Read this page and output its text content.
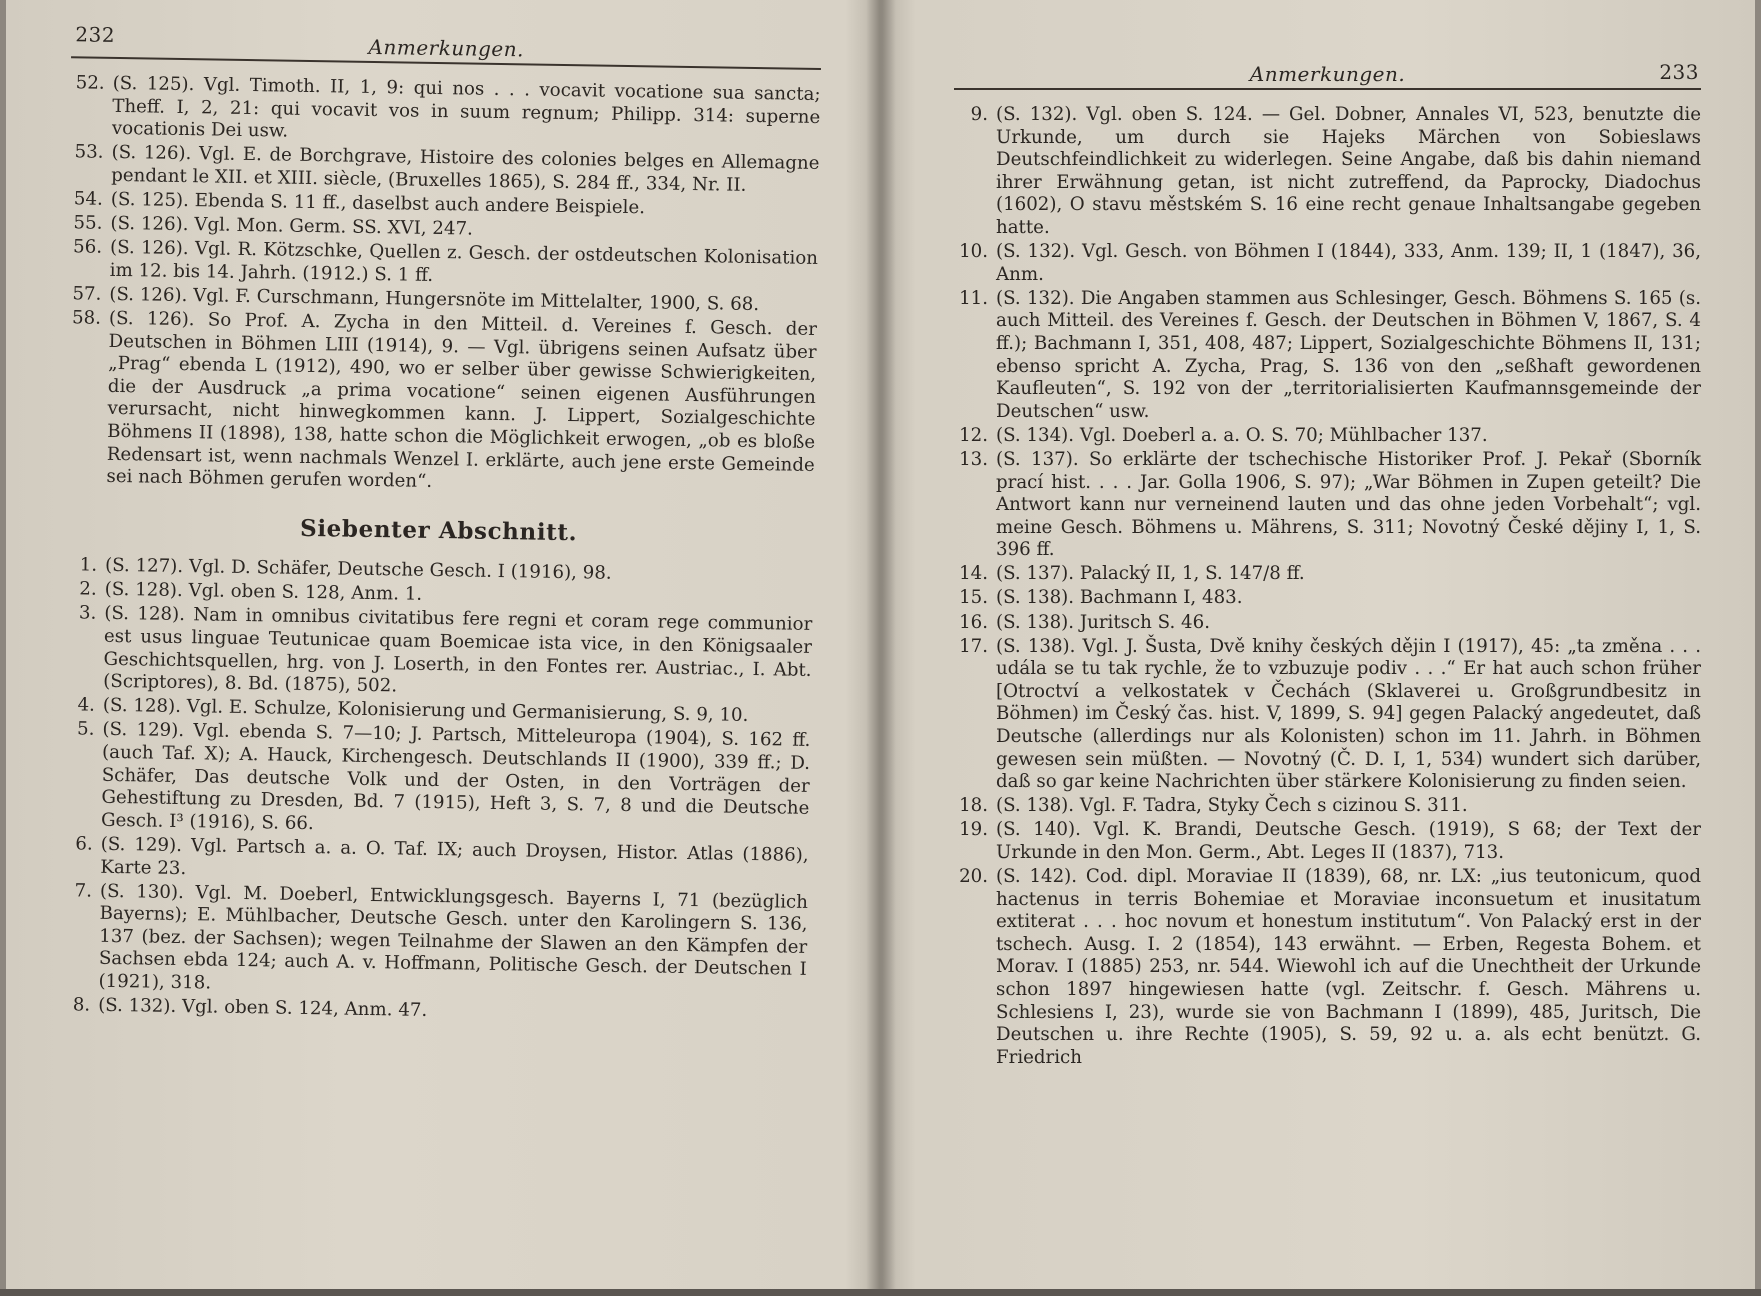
232
Anmerkungen.
52. (S. 125). Vgl. Timoth. II, 1, 9: qui nos . . . vocavit vocatione sua sancta; Theff. I, 2, 21: qui vocavit vos in suum regnum; Philipp. 314: superne vocationis Dei usw.
53. (S. 126). Vgl. E. de Borchgrave, Histoire des colonies belges en Allemagne pendant le XII. et XIII. siècle, (Bruxelles 1865), S. 284 ff., 334, Nr. II.
54. (S. 125). Ebenda S. 11 ff., daselbst auch andere Beispiele.
55. (S. 126). Vgl. Mon. Germ. SS. XVI, 247.
56. (S. 126). Vgl. R. Kötzschke, Quellen z. Gesch. der ostdeutschen Kolonisation im 12. bis 14. Jahrh. (1912.) S. 1 ff.
57. (S. 126). Vgl. F. Curschmann, Hungersnöte im Mittelalter, 1900, S. 68.
58. (S. 126). So Prof. A. Zycha in den Mitteil. d. Vereines f. Gesch. der Deutschen in Böhmen LIII (1914), 9. — Vgl. übrigens seinen Aufsatz über „Prag“ ebenda L (1912), 490, wo er selber über gewisse Schwierigkeiten, die der Ausdruck „a prima vocatione“ seinen eigenen Ausführungen verursacht, nicht hinwegkommen kann. J. Lippert, Sozialgeschichte Böhmens II (1898), 138, hatte schon die Möglichkeit erwogen, „ob es bloße Redensart ist, wenn nachmals Wenzel I. erklärte, auch jene erste Gemeinde sei nach Böhmen gerufen worden“.
Siebenter Abschnitt.
1. (S. 127). Vgl. D. Schäfer, Deutsche Gesch. I (1916), 98.
2. (S. 128). Vgl. oben S. 128, Anm. 1.
3. (S. 128). Nam in omnibus civitatibus fere regni et coram rege communior est usus linguae Teutunicae quam Boemicae ista vice, in den Königsaaler Geschichtsquellen, hrg. von J. Loserth, in den Fontes rer. Austriac., I. Abt. (Scriptores), 8. Bd. (1875), 502.
4. (S. 128). Vgl. E. Schulze, Kolonisierung und Germanisierung, S. 9, 10.
5. (S. 129). Vgl. ebenda S. 7—10; J. Partsch, Mitteleuropa (1904), S. 162 ff. (auch Taf. X); A. Hauck, Kirchengesch. Deutschlands II (1900), 339 ff.; D. Schäfer, Das deutsche Volk und der Osten, in den Vorträgen der Gehestiftung zu Dresden, Bd. 7 (1915), Heft 3, S. 7, 8 und die Deutsche Gesch. I³ (1916), S. 66.
6. (S. 129). Vgl. Partsch a. a. O. Taf. IX; auch Droysen, Histor. Atlas (1886), Karte 23.
7. (S. 130). Vgl. M. Doeberl, Entwicklungsgesch. Bayerns I, 71 (bezüglich Bayerns); E. Mühlbacher, Deutsche Gesch. unter den Karolingern S. 136, 137 (bez. der Sachsen); wegen Teilnahme der Slawen an den Kämpfen der Sachsen ebda 124; auch A. v. Hoffmann, Politische Gesch. der Deutschen I (1921), 318.
8. (S. 132). Vgl. oben S. 124, Anm. 47.
Anmerkungen.	233
9. (S. 132). Vgl. oben S. 124. — Gel. Dobner, Annales VI, 523, benutzte die Urkunde, um durch sie Hajeks Märchen von Sobieslaws Deutschfeindlichkeit zu widerlegen. Seine Angabe, daß bis dahin niemand ihrer Erwähnung getan, ist nicht zutreffend, da Paprocky, Diadochus (1602), O stavu městském S. 16 eine recht genaue Inhaltsangabe gegeben hatte.
10. (S. 132). Vgl. Gesch. von Böhmen I (1844), 333, Anm. 139; II, 1 (1847), 36, Anm.
11. (S. 132). Die Angaben stammen aus Schlesinger, Gesch. Böhmens S. 165 (s. auch Mitteil. des Vereines f. Gesch. der Deutschen in Böhmen V, 1867, S. 4 ff.); Bachmann I, 351, 408, 487; Lippert, Sozialgeschichte Böhmens II, 131; ebenso spricht A. Zycha, Prag, S. 136 von den „seßhaft gewordenen Kaufleuten“, S. 192 von der „territorialisierten Kaufmannsgemeinde der Deutschen“ usw.
12. (S. 134). Vgl. Doeberl a. a. O. S. 70; Mühlbacher 137.
13. (S. 137). So erklärte der tschechische Historiker Prof. J. Pekař (Sborník prací hist. . . . Jar. Golla 1906, S. 97); „War Böhmen in Zupen geteilt? Die Antwort kann nur verneinend lauten und das ohne jeden Vorbehalt“; vgl. meine Gesch. Böhmens u. Mährens, S. 311; Novotný České dějiny I, 1, S. 396 ff.
14. (S. 137). Palacký II, 1, S. 147/8 ff.
15. (S. 138). Bachmann I, 483.
16. (S. 138). Juritsch S. 46.
17. (S. 138). Vgl. J. Šusta, Dvě knihy českých dějin I (1917), 45: „ta změna . . . udála se tu tak rychle, že to vzbuzuje podiv . . .“ Er hat auch schon früher [Otroctví a velkostatek v Čechách (Sklaverei u. Großgrundbesitz in Böhmen) im Český čas. hist. V, 1899, S. 94] gegen Palacký angedeutet, daß Deutsche (allerdings nur als Kolonisten) schon im 11. Jahrh. in Böhmen gewesen sein müßten. — Novotný (Č. D. I, 1, 534) wundert sich darüber, daß so gar keine Nachrichten über stärkere Kolonisierung zu finden seien.
18. (S. 138). Vgl. F. Tadra, Styky Čech s cizinou S. 311.
19. (S. 140). Vgl. K. Brandi, Deutsche Gesch. (1919), S 68; der Text der Urkunde in den Mon. Germ., Abt. Leges II (1837), 713.
20. (S. 142). Cod. dipl. Moraviae II (1839), 68, nr. LX: „ius teutonicum, quod hactenus in terris Bohemiae et Moraviae inconsuetum et inusitatum extiterat . . . hoc novum et honestum institutum“. Von Palacký erst in der tschech. Ausg. I. 2 (1854), 143 erwähnt. — Erben, Regesta Bohem. et Morav. I (1885) 253, nr. 544. Wiewohl ich auf die Unechtheit der Urkunde schon 1897 hingewiesen hatte (vgl. Zeitschr. f. Gesch. Mährens u. Schlesiens I, 23), wurde sie von Bachmann I (1899), 485, Juritsch, Die Deutschen u. ihre Rechte (1905), S. 59, 92 u. a. als echt benützt. G. Friedrich
